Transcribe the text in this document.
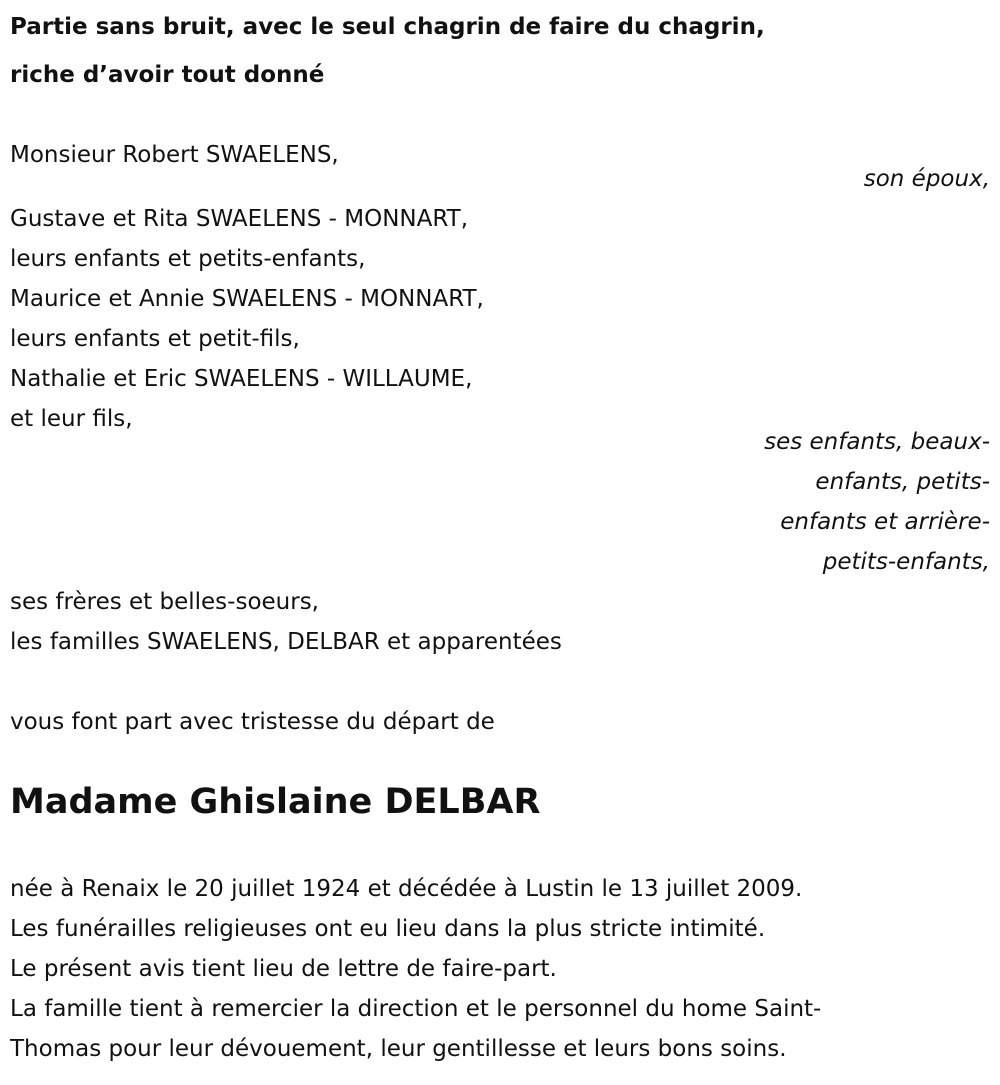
Partie sans bruit, avec le seul chagrin de faire du chagrin,
riche d’avoir tout donné
Monsieur Robert SWAELENS,
son époux,
Gustave et Rita SWAELENS - MONNART,
leurs enfants et petits-enfants,
Maurice et Annie SWAELENS - MONNART,
leurs enfants et petit-fils,
Nathalie et Eric SWAELENS - WILLAUME,
et leur fils,
ses enfants, beaux-
enfants, petits-
enfants et arrière-
petits-enfants,
ses frères et belles-soeurs,
les familles SWAELENS, DELBAR et apparentées
vous font part avec tristesse du départ de
Madame Ghislaine DELBAR
née à Renaix le 20 juillet 1924 et décédée à Lustin le 13 juillet 2009.
Les funérailles religieuses ont eu lieu dans la plus stricte intimité.
Le présent avis tient lieu de lettre de faire-part.
La famille tient à remercier la direction et le personnel du home Saint-
Thomas pour leur dévouement, leur gentillesse et leurs bons soins.
